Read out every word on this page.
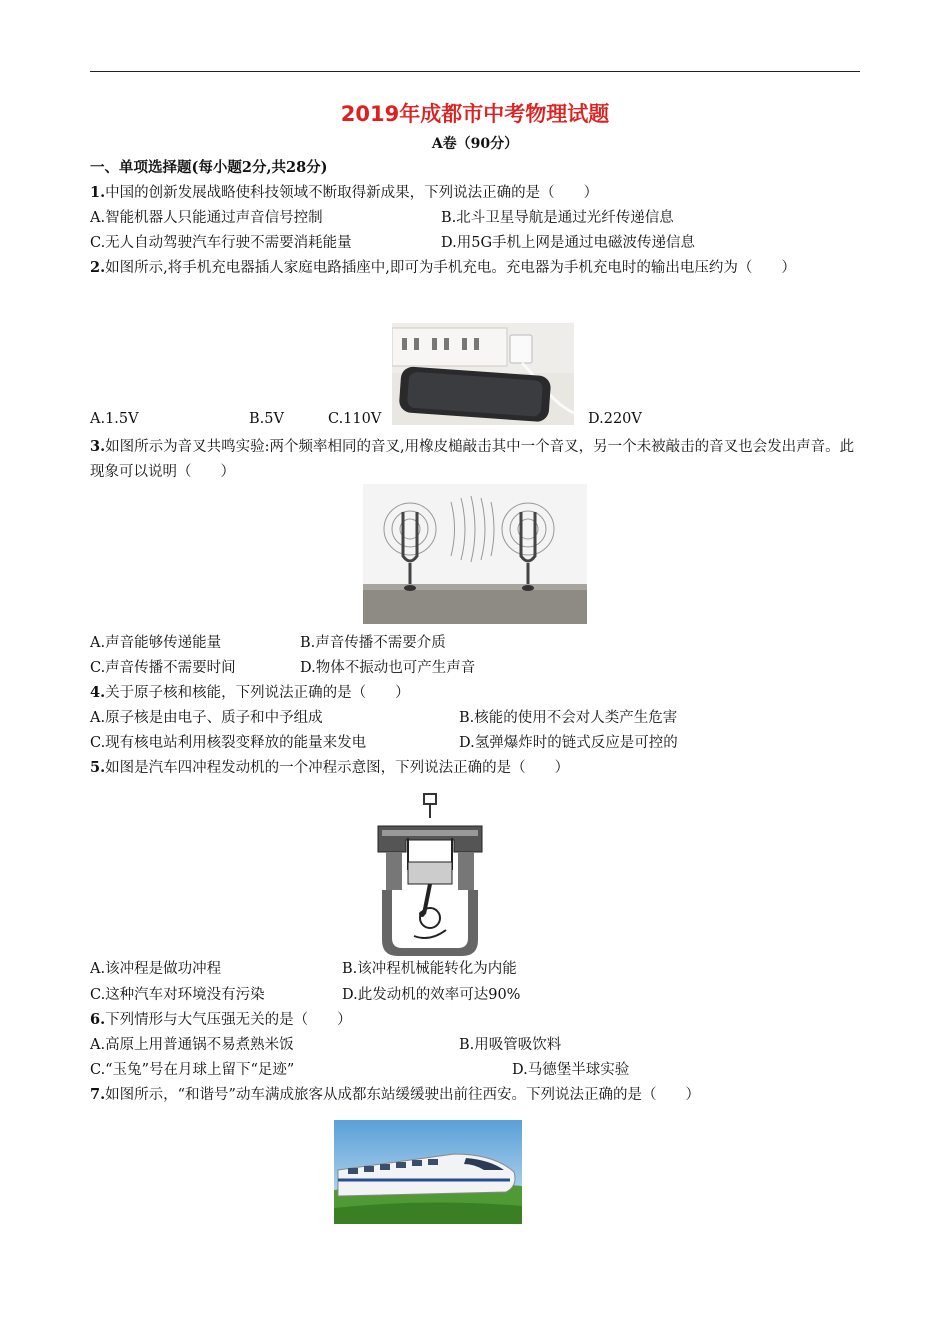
2019年成都市中考物理试题
A卷（90分）
一、单项选择题(每小题2分,共28分)
1.中国的创新发展战略使科技领域不断取得新成果，下列说法正确的是（　　）
A.智能机器人只能通过声音信号控制	B.北斗卫星导航是通过光纤传递信息
C.无人自动驾驶汽车行驶不需要消耗能量	D.用5G手机上网是通过电磁波传递信息
2.如图所示,将手机充电器插人家庭电路插座中,即可为手机充电。充电器为手机充电时的输出电压约为（　　）
A.1.5V	B.5V	C.110V	D.220V
3.如图所示为音叉共鸣实验:两个频率相同的音叉,用橡皮槌敲击其中一个音叉，另一个未被敲击的音叉也会发出声音。此现象可以说明（　　）
A.声音能够传递能量	B.声音传播不需要介质
C.声音传播不需要时间	D.物体不振动也可产生声音
4.关于原子核和核能，下列说法正确的是（　　）
A.原子核是由电子、质子和中予组成	B.核能的使用不会对人类产生危害
C.现有核电站利用核裂变释放的能量来发电	D.氢弹爆炸时的链式反应是可控的
5.如图是汽车四冲程发动机的一个冲程示意图，下列说法正确的是（　　）
A.该冲程是做功冲程	B.该冲程机械能转化为内能
C.这种汽车对环境没有污染	D.此发动机的效率可达90%
6.下列情形与大气压强无关的是（　　）
A.高原上用普通锅不易煮熟米饭	B.用吸管吸饮料
C.“玉兔”号在月球上留下“足迹”	D.马德堡半球实验
7.如图所示，“和谐号”动车满成旅客从成都东站缓缓驶出前往西安。下列说法正确的是（　　）
